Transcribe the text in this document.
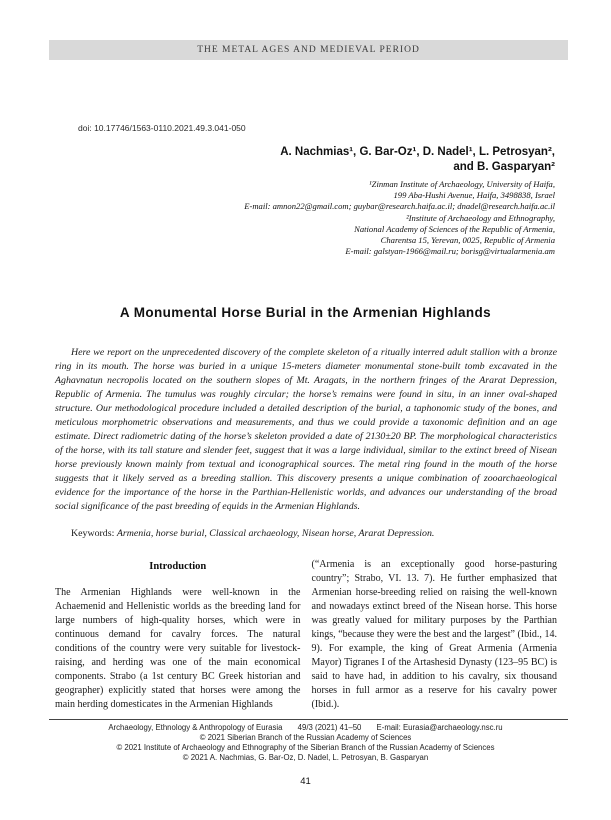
THE METAL AGES AND MEDIEVAL PERIOD
doi: 10.17746/1563-0110.2021.49.3.041-050
A. Nachmias¹, G. Bar-Oz¹, D. Nadel¹, L. Petrosyan²,
and B. Gasparyan²
¹Zinman Institute of Archaeology, University of Haifa,
199 Aba-Hushi Avenue, Haifa, 3498838, Israel
E-mail: amnon22@gmail.com; guybar@research.haifa.ac.il; dnadel@research.haifa.ac.il
²Institute of Archaeology and Ethnography,
National Academy of Sciences of the Republic of Armenia,
Charentsa 15, Yerevan, 0025, Republic of Armenia
E-mail: galstyan-1966@mail.ru; borisg@virtualarmenia.am
A Monumental Horse Burial in the Armenian Highlands

Here we report on the unprecedented discovery of the complete skeleton of a ritually interred adult stallion with a bronze ring in its mouth. The horse was buried in a unique 15-meters diameter monumental stone-built tomb excavated in the Aghavnatun necropolis located on the southern slopes of Mt. Aragats, in the northern fringes of the Ararat Depression, Republic of Armenia. The tumulus was roughly circular; the horse’s remains were found in situ, in an inner oval-shaped structure. Our methodological procedure included a detailed description of the burial, a taphonomic study of the bones, and meticulous morphometric observations and measurements, and thus we could provide a taxonomic definition and an age estimate. Direct radiometric dating of the horse’s skeleton provided a date of 2130±20 BP. The morphological characteristics of the horse, with its tall stature and slender feet, suggest that it was a large individual, similar to the extinct breed of Nisean horse previously known mainly from textual and iconographical sources. The metal ring found in the mouth of the horse suggests that it likely served as a breeding stallion. This discovery presents a unique combination of zooarchaeological evidence for the importance of the horse in the Parthian-Hellenistic worlds, and advances our understanding of the broad social significance of the past breeding of equids in the Armenian Highlands.

Keywords: Armenia, horse burial, Classical archaeology, Nisean horse, Ararat Depression.

Introduction

The Armenian Highlands were well-known in the Achaemenid and Hellenistic worlds as the breeding land for large numbers of high-quality horses, which were in continuous demand for cavalry forces. The natural conditions of the country were very suitable for livestock-raising, and herding was one of the main economical components. Strabo (a 1st century BC Greek historian and geographer) explicitly stated that horses were among the main herding domesticates in the Armenian Highlands

(“Armenia is an exceptionally good horse-pasturing country”; Strabo, VI. 13. 7). He further emphasized that Armenian horse-breeding relied on raising the well-known and nowadays extinct breed of the Nisean horse. This horse was greatly valued for military purposes by the Parthian kings, “because they were the best and the largest” (Ibid., 14. 9). For example, the king of Great Armenia (Armenia Mayor) Tigranes I of the Artashesid Dynasty (123–95 BC) is said to have had, in addition to his cavalry, six thousand horses in full armor as a reserve for his cavalry power (Ibid.).

Archaeology, Ethnology & Anthropology of Eurasia 49/3 (2021) 41–50 E-mail: Eurasia@archaeology.nsc.ru
© 2021 Siberian Branch of the Russian Academy of Sciences
© 2021 Institute of Archaeology and Ethnography of the Siberian Branch of the Russian Academy of Sciences
© 2021 A. Nachmias, G. Bar-Oz, D. Nadel, L. Petrosyan, B. Gasparyan
41
